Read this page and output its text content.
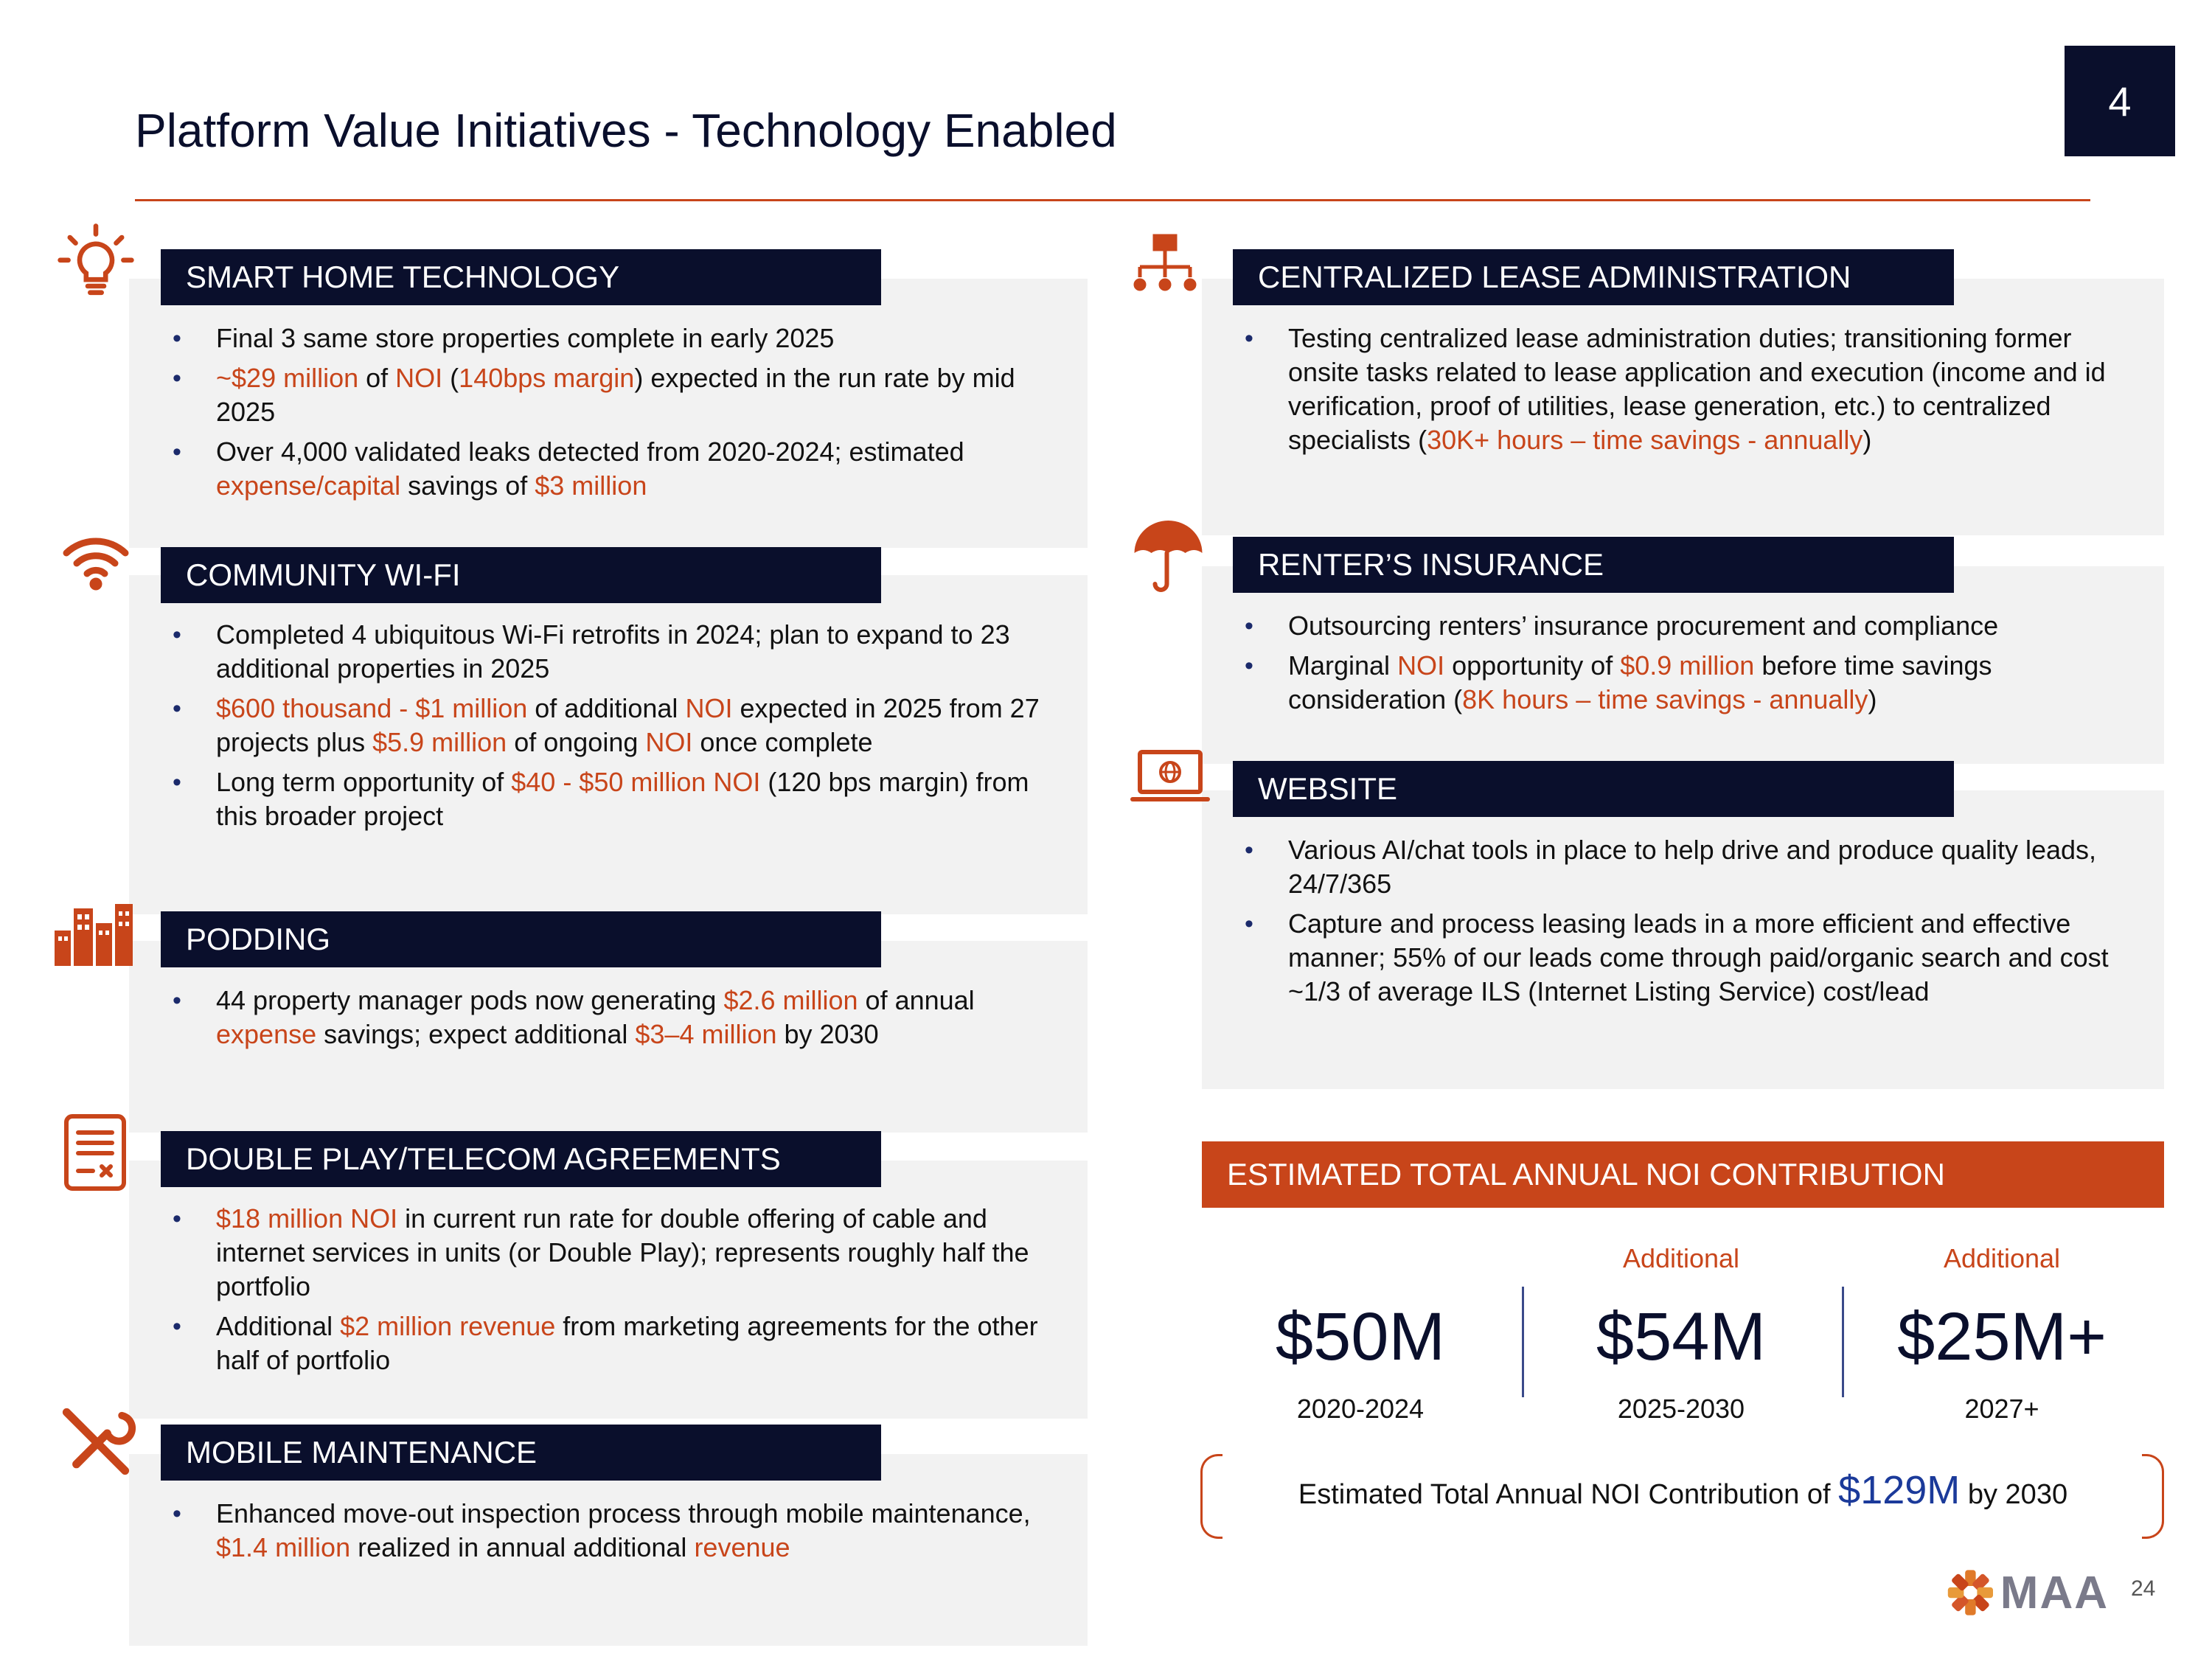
Platform Value Initiatives - Technology Enabled
4
SMART HOME TECHNOLOGY
• Final 3 same store properties complete in early 2025
• ~$29 million of NOI (140bps margin) expected in the run rate by mid 2025
• Over 4,000 validated leaks detected from 2020-2024; estimated expense/capital savings of $3 million
COMMUNITY WI-FI
• Completed 4 ubiquitous Wi-Fi retrofits in 2024; plan to expand to 23 additional properties in 2025
• $600 thousand - $1 million of additional NOI expected in 2025 from 27 projects plus $5.9 million of ongoing NOI once complete
• Long term opportunity of $40 - $50 million NOI (120 bps margin) from this broader project
PODDING
• 44 property manager pods now generating $2.6 million of annual expense savings; expect additional $3–4 million by 2030
DOUBLE PLAY/TELECOM AGREEMENTS
• $18 million NOI in current run rate for double offering of cable and internet services in units (or Double Play); represents roughly half the portfolio
• Additional $2 million revenue from marketing agreements for the other half of portfolio
MOBILE MAINTENANCE
• Enhanced move-out inspection process through mobile maintenance, $1.4 million realized in annual additional revenue
CENTRALIZED LEASE ADMINISTRATION
• Testing centralized lease administration duties; transitioning former onsite tasks related to lease application and execution (income and id verification, proof of utilities, lease generation, etc.) to centralized specialists (30K+ hours – time savings - annually)
RENTER’S INSURANCE
• Outsourcing renters’ insurance procurement and compliance
• Marginal NOI opportunity of $0.9 million before time savings consideration (8K hours – time savings - annually)
WEBSITE
• Various AI/chat tools in place to help drive and produce quality leads, 24/7/365
• Capture and process leasing leads in a more efficient and effective manner; 55% of our leads come through paid/organic search and cost ~1/3 of average ILS (Internet Listing Service) cost/lead
ESTIMATED TOTAL ANNUAL NOI CONTRIBUTION
$50M
2020-2024
Additional
$54M
2025-2030
Additional
$25M+
2027+
Estimated Total Annual NOI Contribution of $129M by 2030
MAA 24
